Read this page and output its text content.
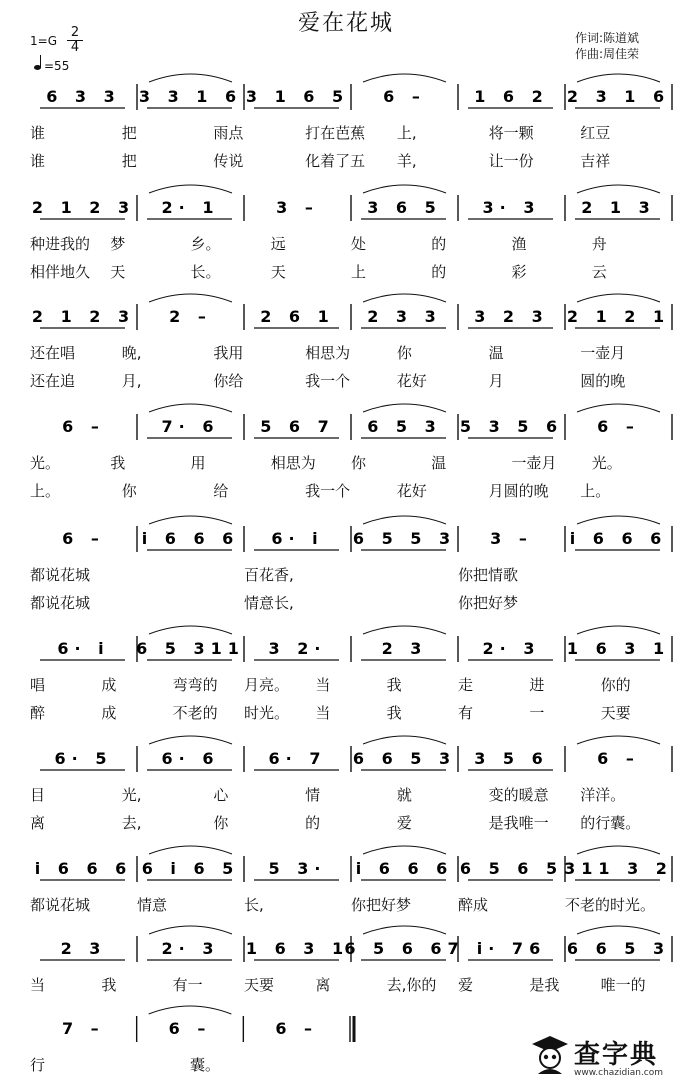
爱在花城
作词:陈道斌
作曲:周佳荣
1=G
2
4
=55
6 3 3 3 3 1 6 3 1 6 5 6 –	1 6 2 2 3 1 6
2 1 2 3 2· 1	3 –	3 6 5	3· 3	2 1 3
2 1 2 3 2 –	2 6 1 2 3 3 3 2 3 2 1 2 1
6 –	7· 6	5 6 7 6 5 3 5 3 5 6 6 –
6 – i 6 6 6 6· i 6 5 5 3 3 – i 6 6 6
6· i 6 5 311 3 2·	2 3	2· 3 1 6 3 1
6· 5	6· 6	6· 7 6 6 5 3 3 5 6	6 –
i 6 6 6 6 i 6 5 5 3· i 6 6 6 6 5 6 5 311 3 2
2 3	2· 3 1 6 3 1
6 5 6 67 i· 76 6 6 5 3
7 –	6 –	6 –
谁	把	雨点	打在芭蕉 上,	将一颗	红豆
谁	把	传说	化着了五 羊,	让一份	吉祥
种进我的 梦	乡。	远	处	的	渔	舟
相伴地久 天	长。	天	上	的	彩	云
还在唱	晚,	我用	相思为	你	温	一壶月
还在追	月,	你给	我一个	花好	月	圆的晚
光。	我	用	相思为 你	温	一壶月 光。
上。	你	给	我一个	花好	月圆的晚 上。
都说花城	百花香,	你把情歌
都说花城	情意长,	你把好梦
唱	成	弯弯的 月亮。 当	我	走	进	你的
醉	成	不老的 时光。 当	我	有	一	天要
目	光,	心	情	就	变的暖意 洋洋。
离	去,	你	的	爱	是我唯一 的行囊。
都说花城	情意	长,	你把好梦	醉成	不老的时光。
当	我	有一	天要	离	去,你的 爱	是我	唯一的
行	囊。	查字典
www.chazidian.com
